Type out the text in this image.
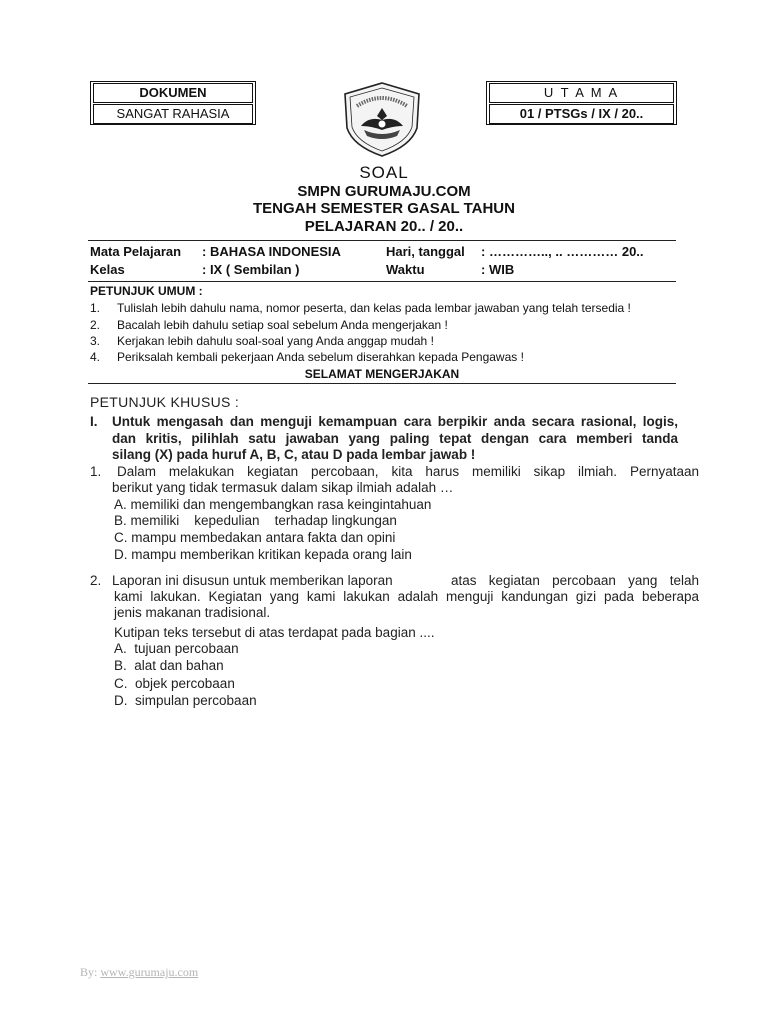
DOKUMEN
SANGAT RAHASIA
U T A M A
01 / PTSGs / IX / 20..
SOAL
SMPN GURUMAJU.COM
TENGAH SEMESTER GASAL TAHUN
PELAJARAN 20.. / 20..
Mata Pelajaran : BAHASA INDONESIA	Hari, tanggal : ………….., .. ………… 20..
Kelas	: IX ( Sembilan )	Waktu	: WIB
PETUNJUK UMUM :
1. Tulislah lebih dahulu nama, nomor peserta, dan kelas pada lembar jawaban yang telah tersedia !
2. Bacalah lebih dahulu setiap soal sebelum Anda mengerjakan !
3. Kerjakan lebih dahulu soal-soal yang Anda anggap mudah !
4. Periksalah kembali pekerjaan Anda sebelum diserahkan kepada Pengawas !
SELAMAT MENGERJAKAN
PETUNJUK KHUSUS :
I. Untuk mengasah dan menguji kemampuan cara berpikir anda secara rasional, logis,
dan kritis, pilihlah satu jawaban yang paling tepat dengan cara memberi tanda
silang (X) pada huruf A, B, C, atau D pada lembar jawab !
1. Dalam melakukan kegiatan percobaan, kita harus memiliki sikap ilmiah. Pernyataan
berikut yang tidak termasuk dalam sikap ilmiah adalah …
A. memiliki dan mengembangkan rasa keingintahuan
B. memiliki    kepedulian    terhadap lingkungan
C. mampu membedakan antara fakta dan opini
D. mampu memberikan kritikan kepada orang lain
2. Laporan ini disusun untuk memberikan laporan	atas kegiatan percobaan yang telah
kami lakukan. Kegiatan yang kami lakukan adalah menguji kandungan gizi pada beberapa
jenis makanan tradisional.
Kutipan teks tersebut di atas terdapat pada bagian ....
A.  tujuan percobaan
B.  alat dan bahan
C.  objek percobaan
D.  simpulan percobaan
By: www.gurumaju.com
